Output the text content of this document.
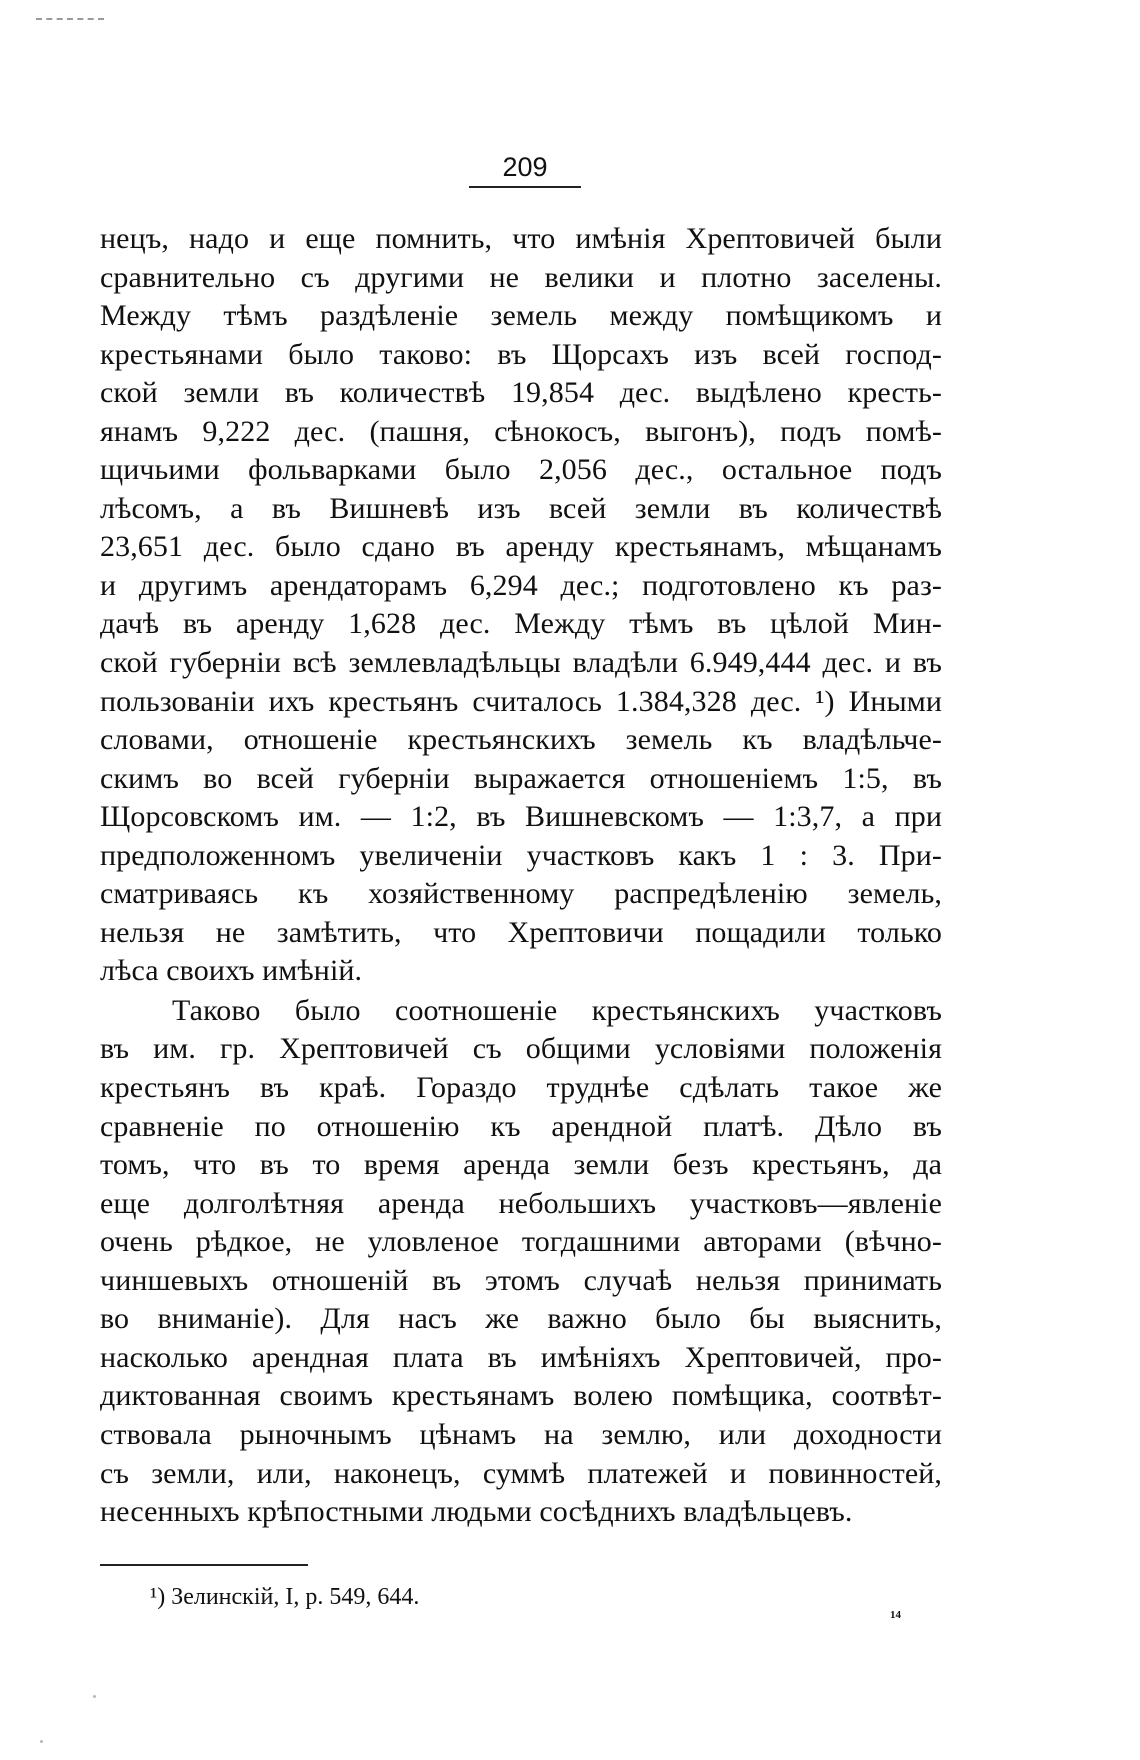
209
нецъ, надо и еще помнить, что имѣнія Хрептовичей были
сравнительно съ другими не велики и плотно заселены.
Между тѣмъ раздѣленіе земель между помѣщикомъ и
крестьянами было таково: въ Щорсахъ изъ всей господ-
ской земли въ количествѣ 19,854 дес. выдѣлено кресть-
янамъ 9,222 дес. (пашня, сѣнокосъ, выгонъ), подъ помѣ-
щичьими фольварками было 2,056 дес., остальное подъ
лѣсомъ, а въ Вишневѣ изъ всей земли въ количествѣ
23,651 дес. было сдано въ аренду крестьянамъ, мѣщанамъ
и другимъ арендаторамъ 6,294 дес.; подготовлено къ раз-
дачѣ въ аренду 1,628 дес. Между тѣмъ въ цѣлой Мин-
ской губерніи всѣ землевладѣльцы владѣли 6.949,444 дес. и въ
пользованіи ихъ крестьянъ считалось 1.384,328 дес. ¹) Иными
словами, отношеніе крестьянскихъ земель къ владѣльче-
скимъ во всей губерніи выражается отношеніемъ 1:5, въ
Щорсовскомъ им. — 1:2, въ Вишневскомъ — 1:3,7, а при
предположенномъ увеличеніи участковъ какъ 1 : 3. При-
сматриваясь къ хозяйственному распредѣленію земель,
нельзя не замѣтить, что Хрептовичи пощадили только
лѣса своихъ имѣній.
Таково было соотношеніе крестьянскихъ участковъ
въ им. гр. Хрептовичей съ общими условіями положенія
крестьянъ въ краѣ. Гораздо труднѣе сдѣлать такое же
сравненіе по отношенію къ арендной платѣ. Дѣло въ
томъ, что въ то время аренда земли безъ крестьянъ, да
еще долголѣтняя аренда небольшихъ участковъ—явленіе
очень рѣдкое, не уловленое тогдашними авторами (вѣчно-
чиншевыхъ отношеній въ этомъ случаѣ нельзя принимать
во вниманіе). Для насъ же важно было бы выяснить,
насколько арендная плата въ имѣніяхъ Хрептовичей, про-
диктованная своимъ крестьянамъ волею помѣщика, соотвѣт-
ствовала рыночнымъ цѣнамъ на землю, или доходности
съ земли, или, наконецъ, суммѣ платежей и повинностей,
несенныхъ крѣпостными людьми сосѣднихъ владѣльцевъ.
¹) Зелинскій, I, p. 549, 644.
14
